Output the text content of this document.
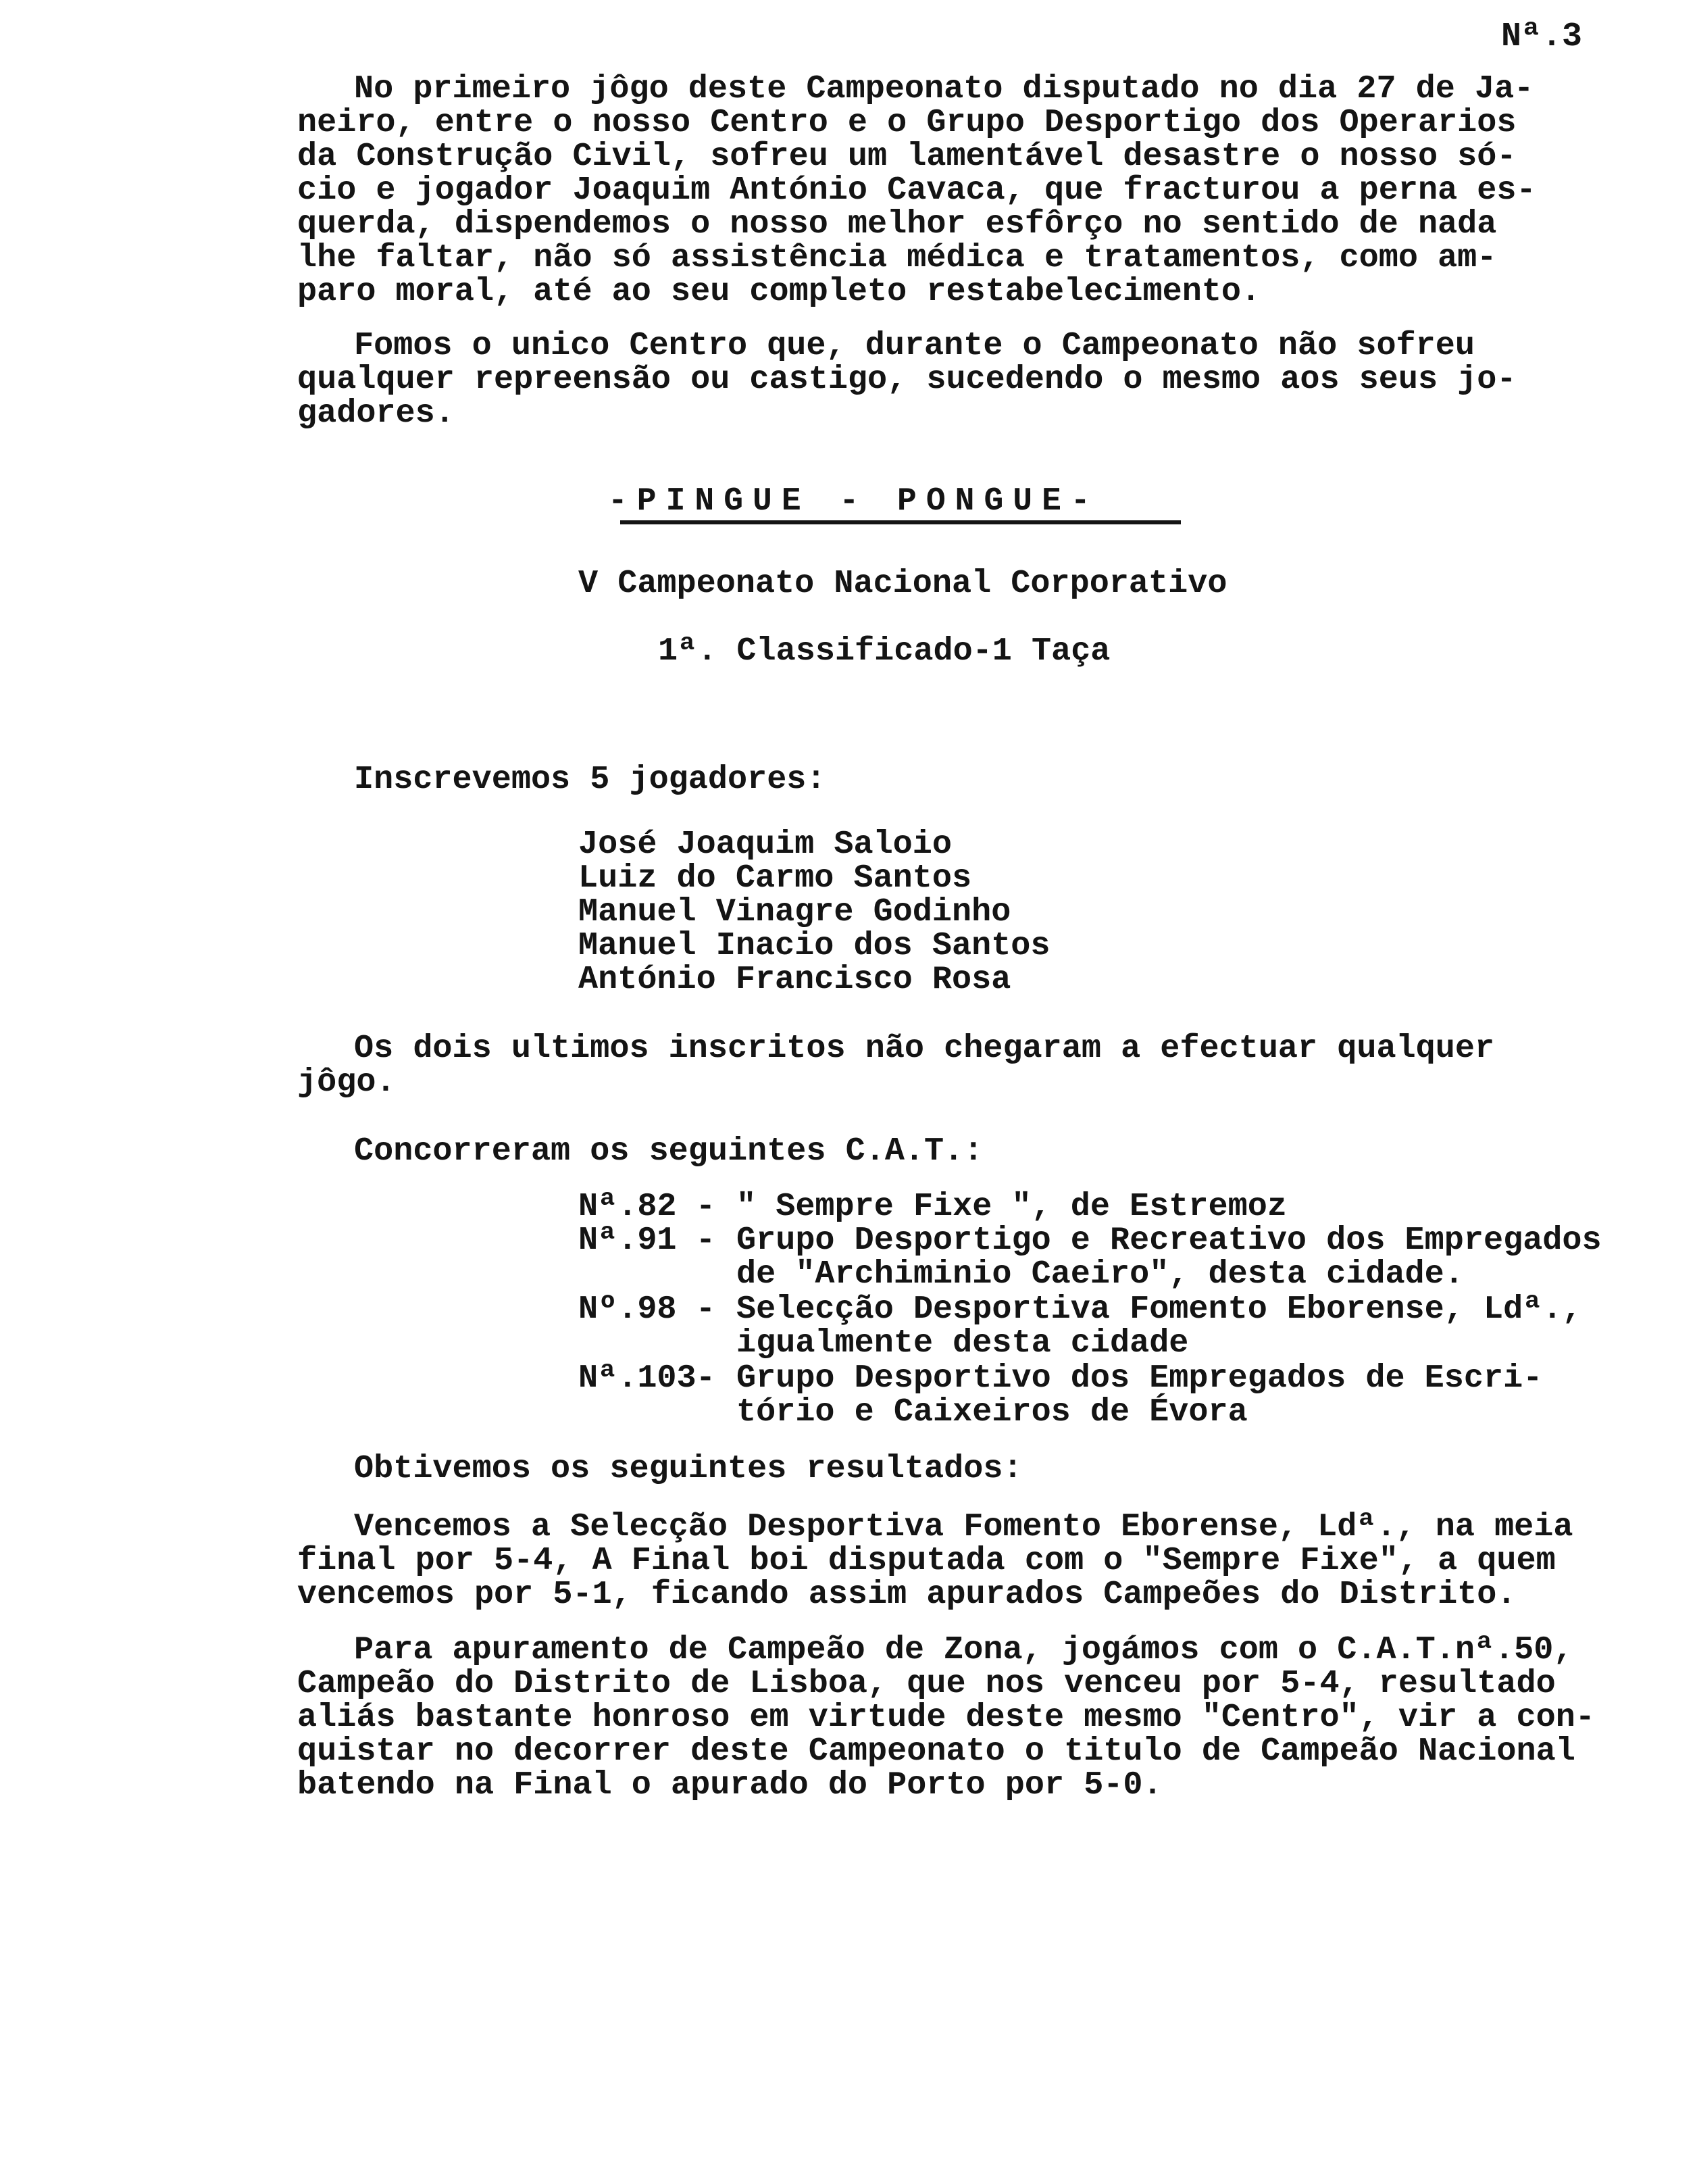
Nª.3
No primeiro jôgo deste Campeonato disputado no dia 27 de Ja-
neiro, entre o nosso Centro e o Grupo Desportigo dos Operarios
da Construção Civil, sofreu um lamentável desastre o nosso só-
cio e jogador Joaquim António Cavaca, que fracturou a perna es-
querda, dispendemos o nosso melhor esfôrço no sentido de nada
lhe faltar, não só assistência médica e tratamentos, como am-
paro moral, até ao seu completo restabelecimento.
Fomos o unico Centro que, durante o Campeonato não sofreu
qualquer repreensão ou castigo, sucedendo o mesmo aos seus jo-
gadores.
-PINGUE - PONGUE-
V Campeonato Nacional Corporativo
1ª. Classificado-1 Taça
Inscrevemos 5 jogadores:
José Joaquim Saloio
Luiz do Carmo Santos
Manuel Vinagre Godinho
Manuel Inacio dos Santos
António Francisco Rosa
Os dois ultimos inscritos não chegaram a efectuar qualquer
jôgo.
Concorreram os seguintes C.A.T.:
Nª.82 - " Sempre Fixe ", de Estremoz
Nª.91 - Grupo Desportigo e Recreativo dos Empregados
de "Archiminio Caeiro", desta cidade.
Nº.98 - Selecção Desportiva Fomento Eborense, Ldª.,
igualmente desta cidade
Nª.103 - Grupo Desportivo dos Empregados de Escri-
tório e Caixeiros de Évora
Obtivemos os seguintes resultados:
Vencemos a Selecção Desportiva Fomento Eborense, Ldª., na meia
final por 5-4, A Final boi disputada com o "Sempre Fixe", a quem
vencemos por 5-1, ficando assim apurados Campeões do Distrito.
Para apuramento de Campeão de Zona, jogámos com o C.A.T.nª.50,
Campeão do Distrito de Lisboa, que nos venceu por 5-4, resultado
aliás bastante honroso em virtude deste mesmo "Centro", vir a con-
quistar no decorrer deste Campeonato o titulo de Campeão Nacional
batendo na Final o apurado do Porto por 5-0.
